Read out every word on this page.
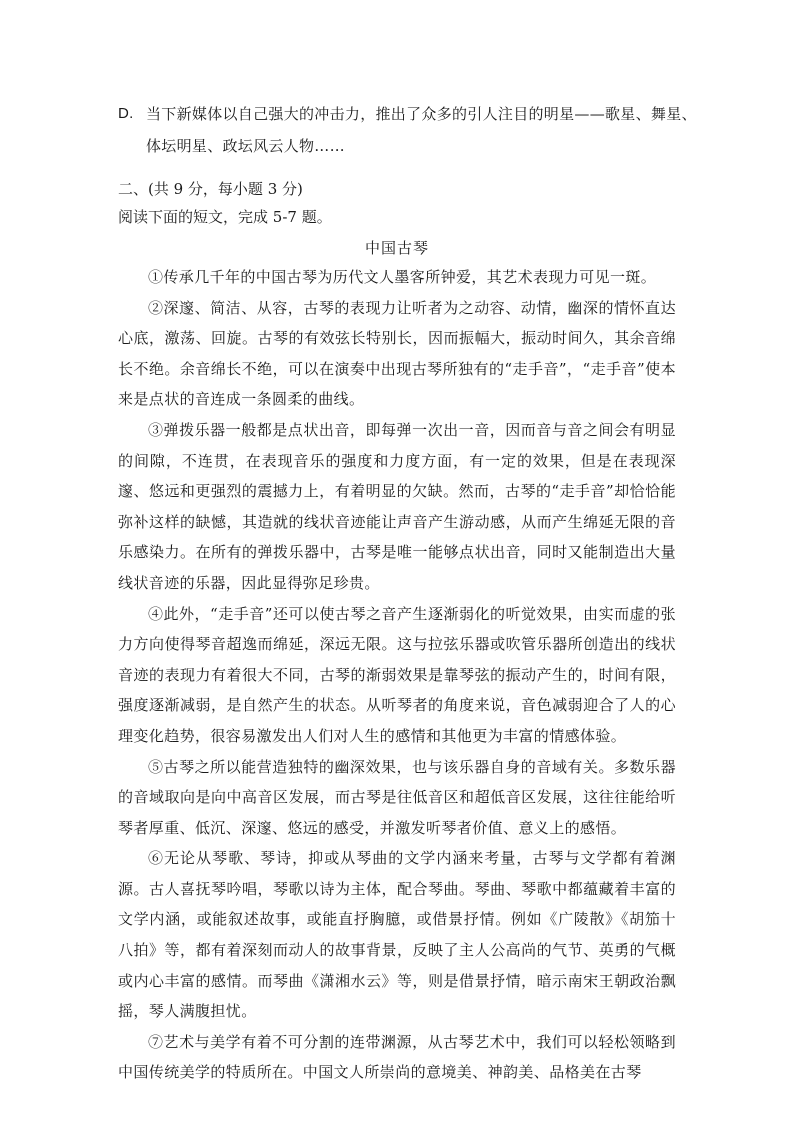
D. 当下新媒体以自己强大的冲击力，推出了众多的引人注目的明星——歌星、舞星、体坛明星、政坛风云人物……
二、(共 9 分，每小题 3 分)
阅读下面的短文，完成 5-7 题。
中国古琴

①传承几千年的中国古琴为历代文人墨客所钟爱，其艺术表现力可见一斑。

②深邃、简洁、从容，古琴的表现力让听者为之动容、动情，幽深的情怀直达心底，激荡、回旋。古琴的有效弦长特别长，因而振幅大，振动时间久，其余音绵长不绝。余音绵长不绝，可以在演奏中出现古琴所独有的“走手音”，“走手音”使本来是点状的音连成一条圆柔的曲线。

③弹拨乐器一般都是点状出音，即每弹一次出一音，因而音与音之间会有明显的间隙，不连贯，在表现音乐的强度和力度方面，有一定的效果，但是在表现深邃、悠远和更强烈的震撼力上，有着明显的欠缺。然而，古琴的“走手音”却恰恰能弥补这样的缺憾，其造就的线状音迹能让声音产生游动感，从而产生绵延无限的音乐感染力。在所有的弹拨乐器中，古琴是唯一能够点状出音，同时又能制造出大量线状音迹的乐器，因此显得弥足珍贵。

④此外，“走手音”还可以使古琴之音产生逐渐弱化的听觉效果，由实而虚的张力方向使得琴音超逸而绵延，深远无限。这与拉弦乐器或吹管乐器所创造出的线状音迹的表现力有着很大不同，古琴的渐弱效果是靠琴弦的振动产生的，时间有限，强度逐渐减弱，是自然产生的状态。从听琴者的角度来说，音色减弱迎合了人的心理变化趋势，很容易激发出人们对人生的感情和其他更为丰富的情感体验。

⑤古琴之所以能营造独特的幽深效果，也与该乐器自身的音域有关。多数乐器的音域取向是向中高音区发展，而古琴是往低音区和超低音区发展，这往往能给听琴者厚重、低沉、深邃、悠远的感受，并激发听琴者价值、意义上的感悟。

⑥无论从琴歌、琴诗，抑或从琴曲的文学内涵来考量，古琴与文学都有着渊源。古人喜抚琴吟唱，琴歌以诗为主体，配合琴曲。琴曲、琴歌中都蕴藏着丰富的文学内涵，或能叙述故事，或能直抒胸臆，或借景抒情。例如《广陵散》《胡笳十八拍》等，都有着深刻而动人的故事背景，反映了主人公高尚的气节、英勇的气概或内心丰富的感情。而琴曲《潇湘水云》等，则是借景抒情，暗示南宋王朝政治飘摇，琴人满腹担忧。

⑦艺术与美学有着不可分割的连带渊源，从古琴艺术中，我们可以轻松领略到中国传统美学的特质所在。中国文人所崇尚的意境美、神韵美、品格美在古琴
